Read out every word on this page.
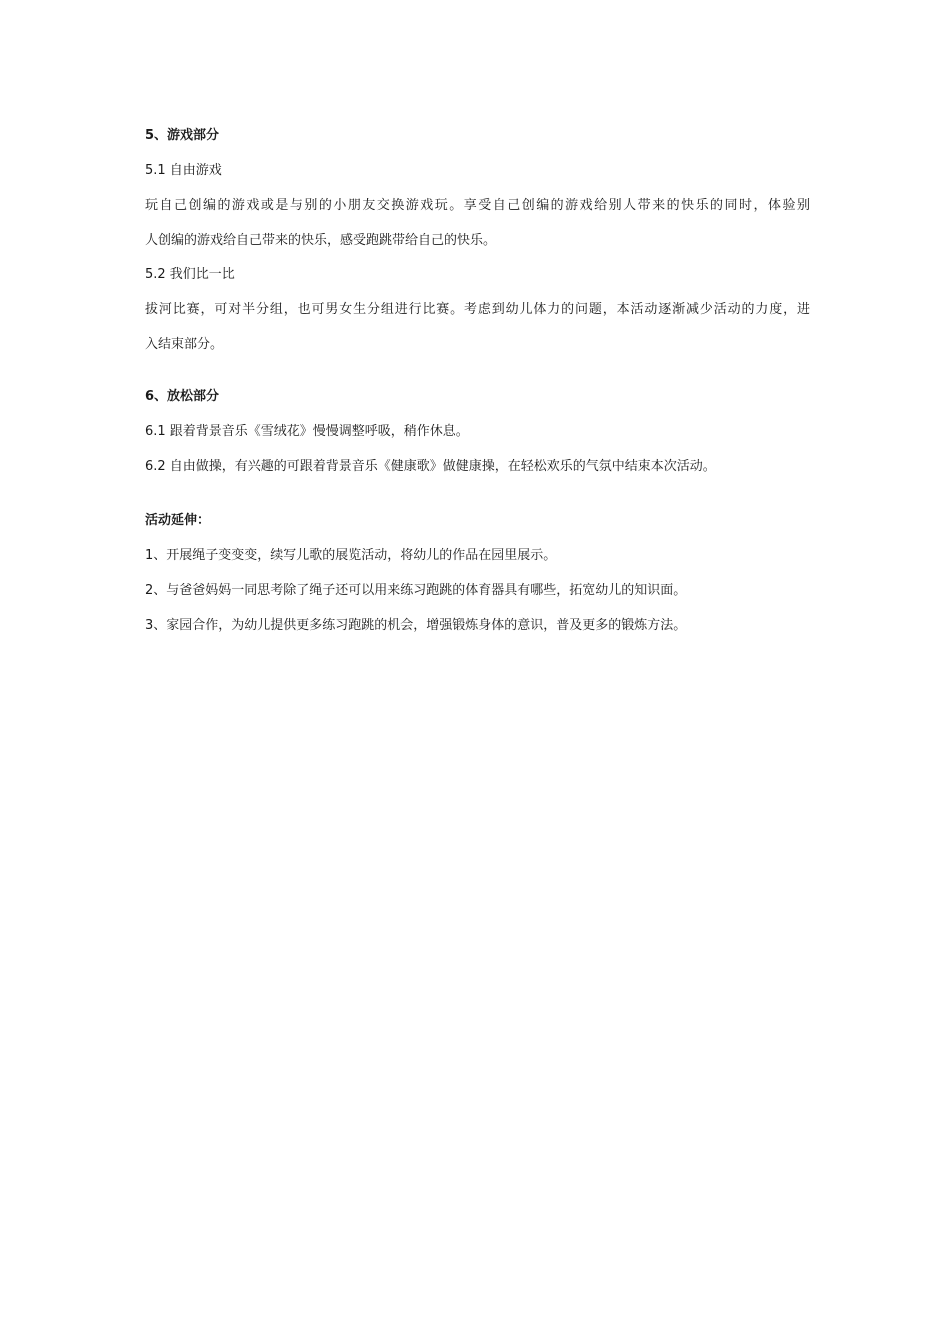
5、游戏部分
5.1 自由游戏
玩自己创编的游戏或是与别的小朋友交换游戏玩。享受自己创编的游戏给别人带来的快乐的同时，体验别
人创编的游戏给自己带来的快乐，感受跑跳带给自己的快乐。
5.2 我们比一比
拔河比赛，可对半分组，也可男女生分组进行比赛。考虑到幼儿体力的问题，本活动逐渐减少活动的力度，进
入结束部分。
6、放松部分
6.1 跟着背景音乐《雪绒花》慢慢调整呼吸，稍作休息。
6.2 自由做操，有兴趣的可跟着背景音乐《健康歌》做健康操，在轻松欢乐的气氛中结束本次活动。
活动延伸：
1、开展绳子变变变，续写儿歌的展览活动，将幼儿的作品在园里展示。
2、与爸爸妈妈一同思考除了绳子还可以用来练习跑跳的体育器具有哪些，拓宽幼儿的知识面。
3、家园合作，为幼儿提供更多练习跑跳的机会，增强锻炼身体的意识，普及更多的锻炼方法。
